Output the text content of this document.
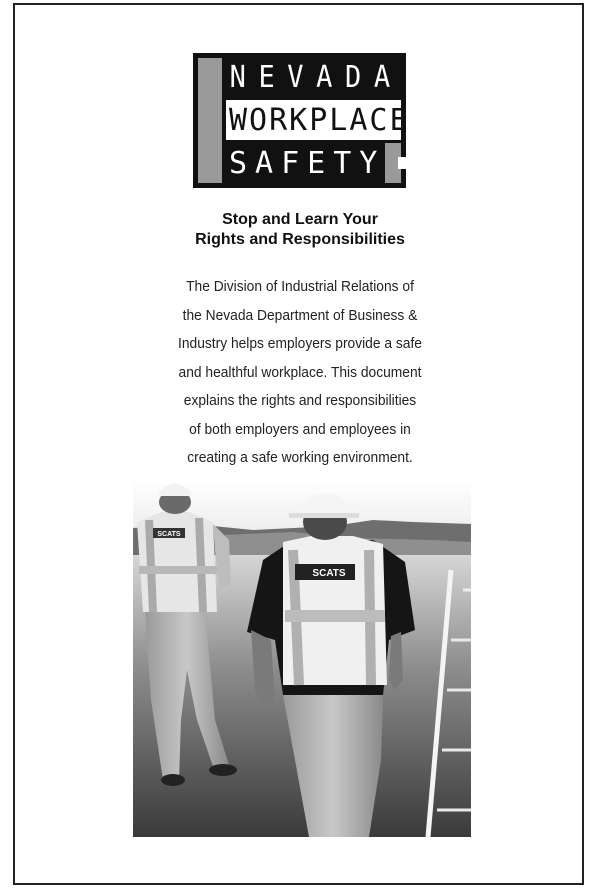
NEVADA
WORKPLACE
SAFETY
Stop and Learn Your
Rights and Responsibilities
The Division of Industrial Relations of
the Nevada Department of Business &
Industry helps employers provide a safe
and healthful workplace. This document
explains the rights and responsibilities
of both employers and employees in
creating a safe working environment.
SCATS
SCATS
